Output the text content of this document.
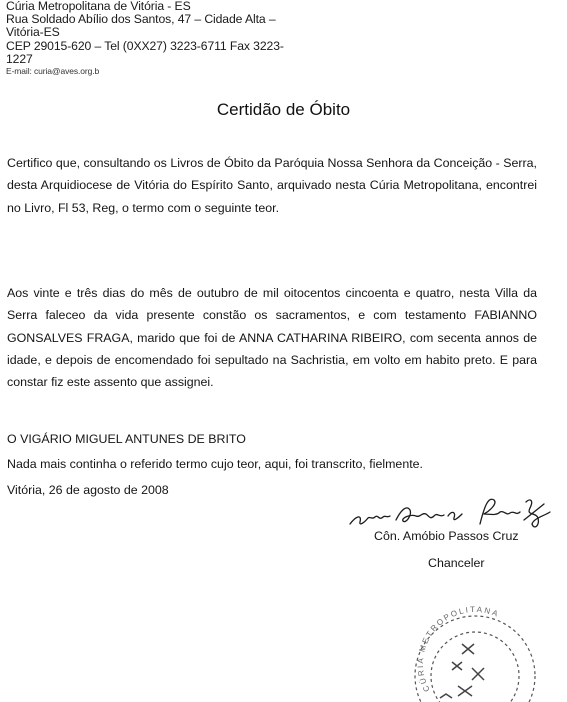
Cúria Metropolitana de Vitória - ES
Rua Soldado Abílio dos Santos, 47 – Cidade Alta – Vitória-ES
CEP 29015-620 – Tel (0XX27) 3223-6711 Fax 3223-1227
E-mail: curia@aves.org.b
Certidão de Óbito
Certifico que, consultando os Livros de Óbito da Paróquia Nossa Senhora da Conceição - Serra, desta Arquidiocese de Vitória do Espírito Santo, arquivado nesta Cúria Metropolitana, encontrei no Livro, Fl 53, Reg, o termo com o seguinte teor.
Aos vinte e três dias do mês de outubro de mil oitocentos cincoenta e quatro, nesta Villa da Serra faleceo da vida presente constão os sacramentos, e com testamento FABIANNO GONSALVES FRAGA, marido que foi de ANNA CATHARINA RIBEIRO, com secenta annos de idade, e depois de encomendado foi sepultado na Sachristia, em volto em habito preto. E para constar fiz este assento que assignei.
O VIGÁRIO MIGUEL ANTUNES DE BRITO
Nada mais continha o referido termo cujo teor, aqui, foi transcrito, fielmente.
Vitória, 26 de agosto de 2008
Côn. Amóbio Passos Cruz
Chanceler
CÚRIA METROPOLITANA
